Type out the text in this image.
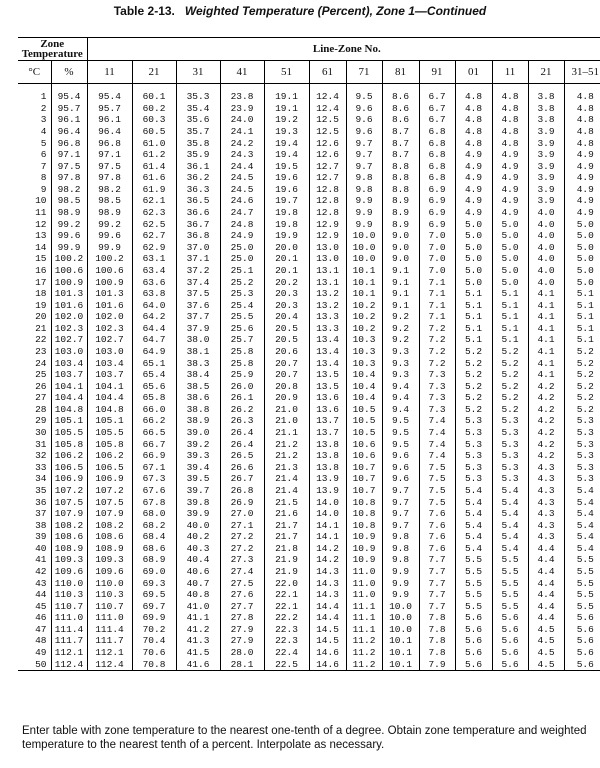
Table 2-13. Weighted Temperature (Percent), Zone 1—Continued
Zone Temperature		Line-Zone No.												
°C	%	11	21	31	41	51	61	71	81	91	01	11	21	31–51

1	95.4	95.4	60.1	35.3	23.8	19.1	12.4	9.5	8.6	6.7	4.8	4.8	3.8	4.8
2	95.7	95.7	60.2	35.4	23.9	19.1	12.4	9.6	8.6	6.7	4.8	4.8	3.8	4.8
3	96.1	96.1	60.3	35.6	24.0	19.2	12.5	9.6	8.6	6.7	4.8	4.8	3.8	4.8
4	96.4	96.4	60.5	35.7	24.1	19.3	12.5	9.6	8.7	6.8	4.8	4.8	3.9	4.8
5	96.8	96.8	61.0	35.8	24.2	19.4	12.6	9.7	8.7	6.8	4.8	4.8	3.9	4.8
6	97.1	97.1	61.2	35.9	24.3	19.4	12.6	9.7	8.7	6.8	4.9	4.9	3.9	4.9
7	97.5	97.5	61.4	36.1	24.4	19.5	12.7	9.7	8.8	6.8	4.9	4.9	3.9	4.9
8	97.8	97.8	61.6	36.2	24.5	19.6	12.7	9.8	8.8	6.8	4.9	4.9	3.9	4.9
9	98.2	98.2	61.9	36.3	24.5	19.6	12.8	9.8	8.8	6.9	4.9	4.9	3.9	4.9
10	98.5	98.5	62.1	36.5	24.6	19.7	12.8	9.9	8.9	6.9	4.9	4.9	3.9	4.9
11	98.9	98.9	62.3	36.6	24.7	19.8	12.8	9.9	8.9	6.9	4.9	4.9	4.0	4.9
12	99.2	99.2	62.5	36.7	24.8	19.8	12.9	9.9	8.9	6.9	5.0	5.0	4.0	5.0
13	99.6	99.6	62.7	36.8	24.9	19.9	12.9	10.0	9.0	7.0	5.0	5.0	4.0	5.0
14	99.9	99.9	62.9	37.0	25.0	20.0	13.0	10.0	9.0	7.0	5.0	5.0	4.0	5.0
15	100.2	100.2	63.1	37.1	25.0	20.1	13.0	10.0	9.0	7.0	5.0	5.0	4.0	5.0
16	100.6	100.6	63.4	37.2	25.1	20.1	13.1	10.1	9.1	7.0	5.0	5.0	4.0	5.0
17	100.9	100.9	63.6	37.4	25.2	20.2	13.1	10.1	9.1	7.1	5.0	5.0	4.0	5.0
18	101.3	101.3	63.8	37.5	25.3	20.3	13.2	10.1	9.1	7.1	5.1	5.1	4.1	5.1
19	101.6	101.6	64.0	37.6	25.4	20.3	13.2	10.2	9.1	7.1	5.1	5.1	4.1	5.1
20	102.0	102.0	64.2	37.7	25.5	20.4	13.3	10.2	9.2	7.1	5.1	5.1	4.1	5.1
21	102.3	102.3	64.4	37.9	25.6	20.5	13.3	10.2	9.2	7.2	5.1	5.1	4.1	5.1
22	102.7	102.7	64.7	38.0	25.7	20.5	13.4	10.3	9.2	7.2	5.1	5.1	4.1	5.1
23	103.0	103.0	64.9	38.1	25.8	20.6	13.4	10.3	9.3	7.2	5.2	5.2	4.1	5.2
24	103.4	103.4	65.1	38.3	25.8	20.7	13.4	10.3	9.3	7.2	5.2	5.2	4.1	5.2
25	103.7	103.7	65.4	38.4	25.9	20.7	13.5	10.4	9.3	7.3	5.2	5.2	4.1	5.2
26	104.1	104.1	65.6	38.5	26.0	20.8	13.5	10.4	9.4	7.3	5.2	5.2	4.2	5.2
27	104.4	104.4	65.8	38.6	26.1	20.9	13.6	10.4	9.4	7.3	5.2	5.2	4.2	5.2
28	104.8	104.8	66.0	38.8	26.2	21.0	13.6	10.5	9.4	7.3	5.2	5.2	4.2	5.2
29	105.1	105.1	66.2	38.9	26.3	21.0	13.7	10.5	9.5	7.4	5.3	5.3	4.2	5.3
30	105.5	105.5	66.5	39.0	26.4	21.1	13.7	10.5	9.5	7.4	5.3	5.3	4.2	5.3
31	105.8	105.8	66.7	39.2	26.4	21.2	13.8	10.6	9.5	7.4	5.3	5.3	4.2	5.3
32	106.2	106.2	66.9	39.3	26.5	21.2	13.8	10.6	9.6	7.4	5.3	5.3	4.2	5.3
33	106.5	106.5	67.1	39.4	26.6	21.3	13.8	10.7	9.6	7.5	5.3	5.3	4.3	5.3
34	106.9	106.9	67.3	39.5	26.7	21.4	13.9	10.7	9.6	7.5	5.3	5.3	4.3	5.3
35	107.2	107.2	67.6	39.7	26.8	21.4	13.9	10.7	9.7	7.5	5.4	5.4	4.3	5.4
36	107.5	107.5	67.8	39.8	26.9	21.5	14.0	10.8	9.7	7.5	5.4	5.4	4.3	5.4
37	107.9	107.9	68.0	39.9	27.0	21.6	14.0	10.8	9.7	7.6	5.4	5.4	4.3	5.4
38	108.2	108.2	68.2	40.0	27.1	21.7	14.1	10.8	9.7	7.6	5.4	5.4	4.3	5.4
39	108.6	108.6	68.4	40.2	27.2	21.7	14.1	10.9	9.8	7.6	5.4	5.4	4.3	5.4
40	108.9	108.9	68.6	40.3	27.2	21.8	14.2	10.9	9.8	7.6	5.4	5.4	4.4	5.4
41	109.3	109.3	68.9	40.4	27.3	21.9	14.2	10.9	9.8	7.7	5.5	5.5	4.4	5.5
42	109.6	109.6	69.0	40.6	27.4	21.9	14.3	11.0	9.9	7.7	5.5	5.5	4.4	5.5
43	110.0	110.0	69.3	40.7	27.5	22.0	14.3	11.0	9.9	7.7	5.5	5.5	4.4	5.5
44	110.3	110.3	69.5	40.8	27.6	22.1	14.3	11.0	9.9	7.7	5.5	5.5	4.4	5.5
45	110.7	110.7	69.7	41.0	27.7	22.1	14.4	11.1	10.0	7.7	5.5	5.5	4.4	5.5
46	111.0	111.0	69.9	41.1	27.8	22.2	14.4	11.1	10.0	7.8	5.6	5.6	4.4	5.6
47	111.4	111.4	70.2	41.2	27.9	22.3	14.5	11.1	10.0	7.8	5.6	5.6	4.5	5.6
48	111.7	111.7	70.4	41.3	27.9	22.3	14.5	11.2	10.1	7.8	5.6	5.6	4.5	5.6
49	112.1	112.1	70.6	41.5	28.0	22.4	14.6	11.2	10.1	7.8	5.6	5.6	4.5	5.6
50	112.4	112.4	70.8	41.6	28.1	22.5	14.6	11.2	10.1	7.9	5.6	5.6	4.5	5.6
Enter table with zone temperature to the nearest one-tenth of a degree. Obtain zone temperature and weighted temperature to the nearest tenth of a percent. Interpolate as necessary.
